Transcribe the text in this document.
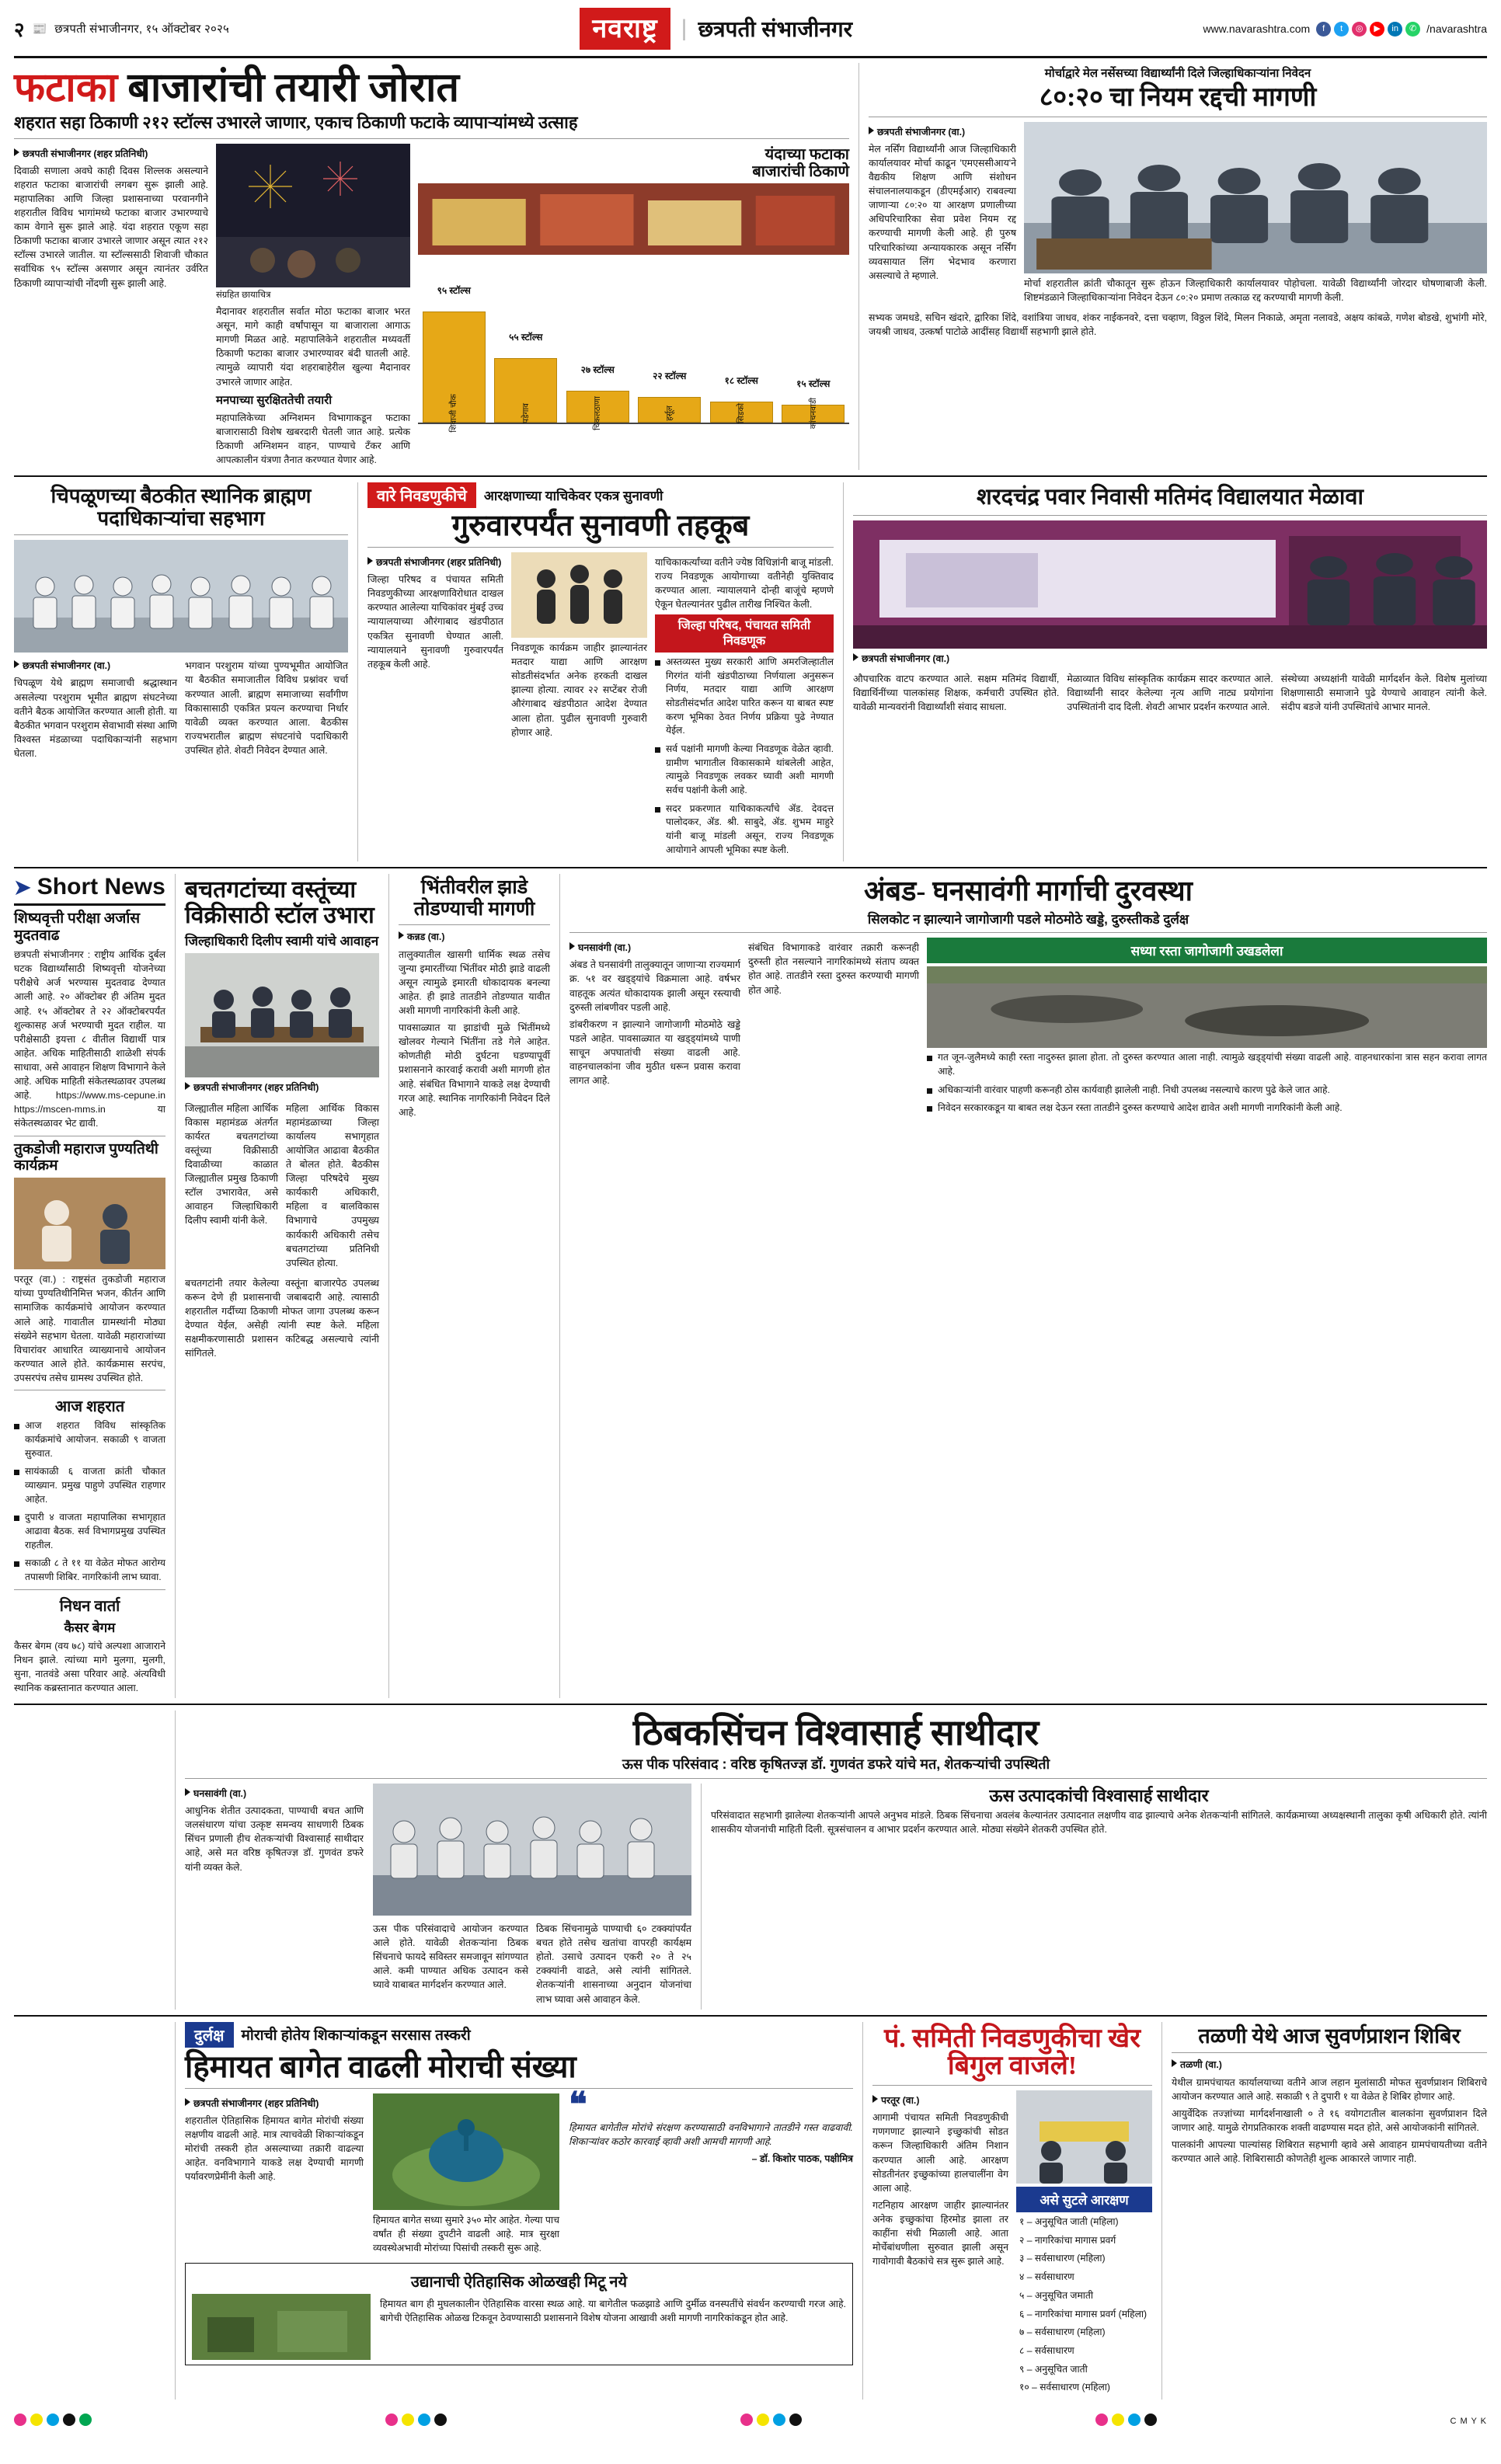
२ 📰 छत्रपती संभाजीनगर, १५ ऑक्टोबर २०२५	नवराष्ट्र	| छत्रपती संभाजीनगर	www.navarashtra.com	f	t	◎	▶	in	✆ /navarashtra
फटाका बाजारांची तयारी जोरात
शहरात सहा ठिकाणी २१२ स्टॉल्स उभारले जाणार, एकाच ठिकाणी फटाके व्यापाऱ्यांमध्ये उत्साह

छत्रपती संभाजीनगर (शहर प्रतिनिधी)

दिवाळी सणाला अवघे काही दिवस शिल्लक असल्याने शहरात फटाका बाजारांची लगबग सुरू झाली आहे. महापालिका आणि जिल्हा प्रशासनाच्या परवानगीने शहरातील विविध भागांमध्ये फटाका बाजार उभारण्याचे काम वेगाने सुरू झाले आहे. यंदा शहरात एकूण सहा ठिकाणी फटाका बाजार उभारले जाणार असून त्यात २१२ स्टॉल्स उभारले जातील. या स्टॉल्ससाठी शिवाजी चौकात सर्वाधिक ९५ स्टॉल्स असणार असून त्यानंतर उर्वरित ठिकाणी व्यापाऱ्यांची नोंदणी सुरू झाली आहे.

संग्रहित छायाचित्र

मैदानावर शहरातील सर्वात मोठा फटाका बाजार भरत असून, मागे काही वर्षांपासून या बाजाराला आगाऊ मागणी मिळत आहे. महापालिकेने शहरातील मध्यवर्ती ठिकाणी फटाका बाजार उभारण्यावर बंदी घातली आहे. त्यामुळे व्यापारी यंदा शहराबाहेरील खुल्या मैदानावर उभारले जाणार आहेत.

मनपाच्या सुरक्षिततेची तयारी

महापालिकेच्या अग्निशमन विभागाकडून फटाका बाजारासाठी विशेष खबरदारी घेतली जात आहे. प्रत्येक ठिकाणी अग्निशमन वाहन, पाण्याचे टँकर आणि आपत्कालीन यंत्रणा तैनात करण्यात येणार आहे.

यंदाच्या फटाका
बाजारांची ठिकाणे
९५ स्टॉल्स
शिवाजी चौक
५५ स्टॉल्स
पडेगाव
२७ स्टॉल्स
चिकलठाणा
२२ स्टॉल्स
हर्सूल
१८ स्टॉल्स
सिडको
१५ स्टॉल्स
कांचनवाडी
मोर्चाद्वारे मेल नर्सेसच्या विद्यार्थ्यांनी दिले जिल्हाधिकाऱ्यांना निवेदन
८०:२० चा नियम रद्दची मागणी

छत्रपती संभाजीनगर (वा.)

मेल नर्सिंग विद्यार्थ्यांनी आज जिल्हाधिकारी कार्यालयावर मोर्चा काढून 'एमएससीआय'ने वैद्यकीय शिक्षण आणि संशोधन संचालनालयाकडून (डीएमईआर) राबवल्या जाणाऱ्या ८०:२० या आरक्षण प्रणालीच्या अधिपरिचारिका सेवा प्रवेश नियम रद्द करण्याची मागणी केली आहे. ही पुरुष परिचारिकांच्या अन्यायकारक असून नर्सिंग व्यवसायात लिंग भेदभाव करणारा असल्याचे ते म्हणाले.

मोर्चा शहरातील क्रांती चौकातून सुरू होऊन जिल्हाधिकारी कार्यालयावर पोहोचला. यावेळी विद्यार्थ्यांनी जोरदार घोषणाबाजी केली. शिष्टमंडळाने जिल्हाधिकाऱ्यांना निवेदन देऊन ८०:२० प्रमाण तत्काळ रद्द करण्याची मागणी केली.

सभ्यक जमधडे, सचिन खंदारे, द्वारिका शिंदे, वशांत्रिया जाधव, शंकर नाईकनवरे, दत्ता चव्हाण, विठ्ठल शिंदे, मिलन निकाळे, अमृता नलावडे, अक्षय कांबळे, गणेश बोडखे, शुभांगी मोरे, जयश्री जाधव, उत्कर्षा पाटोळे आदींसह विद्यार्थी सहभागी झाले होते.

चिपळूणच्या बैठकीत स्थानिक ब्राह्मण पदाधिकाऱ्यांचा सहभाग

छत्रपती संभाजीनगर (वा.)

चिपळूण येथे ब्राह्मण समाजाची श्रद्धास्थान असलेल्या परशुराम भूमीत ब्राह्मण संघटनेच्या वतीने बैठक आयोजित करण्यात आली होती. या बैठकीत भगवान परशुराम सेवाभावी संस्था आणि विश्वस्त मंडळाच्या पदाधिकाऱ्यांनी सहभाग घेतला.

भगवान परशुराम यांच्या पुण्यभूमीत आयोजित या बैठकीत समाजातील विविध प्रश्नांवर चर्चा करण्यात आली. ब्राह्मण समाजाच्या सर्वांगीण विकासासाठी एकत्रित प्रयत्न करण्याचा निर्धार यावेळी व्यक्त करण्यात आला. बैठकीस राज्यभरातील ब्राह्मण संघटनांचे पदाधिकारी उपस्थित होते. शेवटी निवेदन देण्यात आले.

वारे निवडणुकीचे	आरक्षणाच्या याचिकेवर एकत्र सुनावणी
गुरुवारपर्यंत सुनावणी तहकूब

छत्रपती संभाजीनगर (शहर प्रतिनिधी)

जिल्हा परिषद व पंचायत समिती निवडणुकीच्या आरक्षणाविरोधात दाखल करण्यात आलेल्या याचिकांवर मुंबई उच्च न्यायालयाच्या औरंगाबाद खंडपीठात एकत्रित सुनावणी घेण्यात आली. न्यायालयाने सुनावणी गुरुवारपर्यंत तहकूब केली आहे.

निवडणूक कार्यक्रम जाहीर झाल्यानंतर मतदार याद्या आणि आरक्षण सोडतीसंदर्भात अनेक हरकती दाखल झाल्या होत्या. त्यावर २२ सप्टेंबर रोजी औरंगाबाद खंडपीठात आदेश देण्यात आला होता. पुढील सुनावणी गुरुवारी होणार आहे.

याचिकाकर्त्यांच्या वतीने ज्येष्ठ विधिज्ञांनी बाजू मांडली. राज्य निवडणूक आयोगाच्या वतीनेही युक्तिवाद करण्यात आला. न्यायालयाने दोन्ही बाजूंचे म्हणणे ऐकून घेतल्यानंतर पुढील तारीख निश्चित केली.

जिल्हा परिषद, पंचायत समिती निवडणूक
अस्तव्यस्त मुख्य सरकारी आणि अमरजिल्हातील गिरगंत यांनी खंडपीठाच्या निर्णयाला अनुसरून निर्णय, मतदार याद्या आणि आरक्षण सोडतीसंदर्भात आदेश पारित करून या बाबत स्पष्ट करण भूमिका ठेवत निर्णय प्रक्रिया पुढे नेण्यात येईल.
सर्व पक्षांनी मागणी केल्या निवडणूक वेळेत व्हावी. ग्रामीण भागातील विकासकामे थांबलेली आहेत, त्यामुळे निवडणूक लवकर घ्यावी अशी मागणी सर्वच पक्षांनी केली आहे.
सदर प्रकरणात याचिकाकर्त्यांचे ॲड. देवदत्त पालोदकर, ॲड. श्री. साबुदे, ॲड. शुभम माहुरे यांनी बाजू मांडली असून, राज्य निवडणूक आयोगाने आपली भूमिका स्पष्ट केली.
शरदचंद्र पवार निवासी मतिमंद विद्यालयात मेळावा

छत्रपती संभाजीनगर (वा.)

औपचारिक वाटप करण्यात आले. सक्षम मतिमंद विद्यार्थी, विद्यार्थिनींच्या पालकांसह शिक्षक, कर्मचारी उपस्थित होते. यावेळी मान्यवरांनी विद्यार्थ्यांशी संवाद साधला.

मेळाव्यात विविध सांस्कृतिक कार्यक्रम सादर करण्यात आले. विद्यार्थ्यांनी सादर केलेल्या नृत्य आणि नाट्य प्रयोगांना उपस्थितांनी दाद दिली. शेवटी आभार प्रदर्शन करण्यात आले.

संस्थेच्या अध्यक्षांनी यावेळी मार्गदर्शन केले. विशेष मुलांच्या शिक्षणासाठी समाजाने पुढे येण्याचे आवाहन त्यांनी केले. संदीप बडजे यांनी उपस्थितांचे आभार मानले.

➤ Short News
शिष्यवृत्ती परीक्षा अर्जास मुदतवाढ

छत्रपती संभाजीनगर : राष्ट्रीय आर्थिक दुर्बल घटक विद्यार्थ्यांसाठी शिष्यवृत्ती योजनेच्या परीक्षेचे अर्ज भरण्यास मुदतवाढ देण्यात आली आहे. २० ऑक्टोबर ही अंतिम मुदत आहे. १५ ऑक्टोबर ते २२ ऑक्टोबरपर्यंत शुल्कासह अर्ज भरण्याची मुदत राहील. या परीक्षेसाठी इयत्ता ८ वीतील विद्यार्थी पात्र आहेत. अधिक माहितीसाठी शाळेशी संपर्क साधावा, असे आवाहन शिक्षण विभागाने केले आहे. अधिक माहिती संकेतस्थळावर उपलब्ध आहे. https://www.ms-cepune.in https://mscen-mms.in या संकेतस्थळावर भेट द्यावी.

तुकडोजी महाराज पुण्यतिथी कार्यक्रम

परतूर (वा.) : राष्ट्रसंत तुकडोजी महाराज यांच्या पुण्यतिथीनिमित्त भजन, कीर्तन आणि सामाजिक कार्यक्रमांचे आयोजन करण्यात आले आहे. गावातील ग्रामस्थांनी मोठ्या संख्येने सहभाग घेतला. यावेळी महाराजांच्या विचारांवर आधारित व्याख्यानाचे आयोजन करण्यात आले होते. कार्यक्रमास सरपंच, उपसरपंच तसेच ग्रामस्थ उपस्थित होते.

आज शहरात
आज शहरात विविध सांस्कृतिक कार्यक्रमांचे आयोजन. सकाळी ९ वाजता सुरुवात.
सायंकाळी ६ वाजता क्रांती चौकात व्याख्यान. प्रमुख पाहुणे उपस्थित राहणार आहेत.
दुपारी ४ वाजता महापालिका सभागृहात आढावा बैठक. सर्व विभागप्रमुख उपस्थित राहतील.
सकाळी ८ ते ११ या वेळेत मोफत आरोग्य तपासणी शिबिर. नागरिकांनी लाभ घ्यावा.
निधन वार्ता
कैसर बेगम

कैसर बेगम (वय ७८) यांचे अल्पशा आजाराने निधन झाले. त्यांच्या मागे मुलगा, मुलगी, सुना, नातवंडे असा परिवार आहे. अंत्यविधी स्थानिक कब्रस्तानात करण्यात आला.

बचतगटांच्या वस्तूंच्या विक्रीसाठी स्टॉल उभारा
जिल्हाधिकारी दिलीप स्वामी यांचे आवाहन

छत्रपती संभाजीनगर (शहर प्रतिनिधी)

जिल्ह्यातील महिला आर्थिक विकास महामंडळ अंतर्गत कार्यरत बचतगटांच्या वस्तूंच्या विक्रीसाठी दिवाळीच्या काळात जिल्ह्यातील प्रमुख ठिकाणी स्टॉल उभारावेत, असे आवाहन जिल्हाधिकारी दिलीप स्वामी यांनी केले.

महिला आर्थिक विकास महामंडळाच्या जिल्हा कार्यालय सभागृहात आयोजित आढावा बैठकीत ते बोलत होते. बैठकीस जिल्हा परिषदेचे मुख्य कार्यकारी अधिकारी, महिला व बालविकास विभागाचे उपमुख्य कार्यकारी अधिकारी तसेच बचतगटांच्या प्रतिनिधी उपस्थित होत्या.

बचतगटांनी तयार केलेल्या वस्तूंना बाजारपेठ उपलब्ध करून देणे ही प्रशासनाची जबाबदारी आहे. त्यासाठी शहरातील गर्दीच्या ठिकाणी मोफत जागा उपलब्ध करून देण्यात येईल, असेही त्यांनी स्पष्ट केले. महिला सक्षमीकरणासाठी प्रशासन कटिबद्ध असल्याचे त्यांनी सांगितले.

भिंतीवरील झाडे तोडण्याची मागणी

कन्नड (वा.)

तालुक्यातील खासगी धार्मिक स्थळ तसेच जुन्या इमारतींच्या भिंतींवर मोठी झाडे वाढली असून त्यामुळे इमारती धोकादायक बनल्या आहेत. ही झाडे तातडीने तोडण्यात यावीत अशी मागणी नागरिकांनी केली आहे.

पावसाळ्यात या झाडांची मुळे भिंतींमध्ये खोलवर गेल्याने भिंतींना तडे गेले आहेत. कोणतीही मोठी दुर्घटना घडण्यापूर्वी प्रशासनाने कारवाई करावी अशी मागणी होत आहे. संबंधित विभागाने याकडे लक्ष देण्याची गरज आहे. स्थानिक नागरिकांनी निवेदन दिले आहे.

अंबड- घनसावंगी मार्गाची दुरवस्था
सिलकोट न झाल्याने जागोजागी पडले मोठमोठे खड्डे, दुरुस्तीकडे दुर्लक्ष

घनसावंगी (वा.)

अंबड ते घनसावंगी तालुक्यातून जाणाऱ्या राज्यमार्ग क्र. ५१ वर खड्ड्यांचे विक्रमाला आहे. वर्षभर वाहतूक अत्यंत धोकादायक झाली असून रस्त्याची दुरुस्ती लांबणीवर पडली आहे.

डांबरीकरण न झाल्याने जागोजागी मोठमोठे खड्डे पडले आहेत. पावसाळ्यात या खड्ड्यांमध्ये पाणी साचून अपघातांची संख्या वाढली आहे. वाहनचालकांना जीव मुठीत धरून प्रवास करावा लागत आहे.

संबंधित विभागाकडे वारंवार तक्रारी करूनही दुरुस्ती होत नसल्याने नागरिकांमध्ये संताप व्यक्त होत आहे. तातडीने रस्ता दुरुस्त करण्याची मागणी होत आहे.

सध्या रस्ता जागोजागी उखडलेला
गत जून-जुलैमध्ये काही रस्ता नादुरुस्त झाला होता. तो दुरुस्त करण्यात आला नाही. त्यामुळे खड्ड्यांची संख्या वाढली आहे. वाहनधारकांना त्रास सहन करावा लागत आहे.
अधिकाऱ्यांनी वारंवार पाहणी करूनही ठोस कार्यवाही झालेली नाही. निधी उपलब्ध नसल्याचे कारण पुढे केले जात आहे.
निवेदन सरकारकडून या बाबत लक्ष देऊन रस्ता तातडीने दुरुस्त करण्याचे आदेश द्यावेत अशी मागणी नागरिकांनी केली आहे.
ठिबकसिंचन विश्वासार्ह साथीदार
ऊस पीक परिसंवाद : वरिष्ठ कृषितज्ज्ञ डॉ. गुणवंत डफरे यांचे मत, शेतकऱ्यांची उपस्थिती

घनसावंगी (वा.)

आधुनिक शेतीत उत्पादकता, पाण्याची बचत आणि जलसंधारण यांचा उत्कृष्ट समन्वय साधणारी ठिबक सिंचन प्रणाली हीच शेतकऱ्यांची विश्वासार्ह साथीदार आहे, असे मत वरिष्ठ कृषितज्ज्ञ डॉ. गुणवंत डफरे यांनी व्यक्त केले.

ऊस पीक परिसंवादाचे आयोजन करण्यात आले होते. यावेळी शेतकऱ्यांना ठिबक सिंचनाचे फायदे सविस्तर समजावून सांगण्यात आले. कमी पाण्यात अधिक उत्पादन कसे घ्यावे याबाबत मार्गदर्शन करण्यात आले.

ठिबक सिंचनामुळे पाण्याची ६० टक्क्यांपर्यंत बचत होते तसेच खतांचा वापरही कार्यक्षम होतो. उसाचे उत्पादन एकरी २० ते २५ टक्क्यांनी वाढते, असे त्यांनी सांगितले. शेतकऱ्यांनी शासनाच्या अनुदान योजनांचा लाभ घ्यावा असे आवाहन केले.

ऊस उत्पादकांची विश्वासार्ह साथीदार

परिसंवादात सहभागी झालेल्या शेतकऱ्यांनी आपले अनुभव मांडले. ठिबक सिंचनाचा अवलंब केल्यानंतर उत्पादनात लक्षणीय वाढ झाल्याचे अनेक शेतकऱ्यांनी सांगितले. कार्यक्रमाच्या अध्यक्षस्थानी तालुका कृषी अधिकारी होते. त्यांनी शासकीय योजनांची माहिती दिली. सूत्रसंचालन व आभार प्रदर्शन करण्यात आले. मोठ्या संख्येने शेतकरी उपस्थित होते.

दुर्लक्ष	मोराची होतेय शिकाऱ्यांकडून सरसास तस्करी
हिमायत बागेत वाढली मोराची संख्या

छत्रपती संभाजीनगर (शहर प्रतिनिधी)

शहरातील ऐतिहासिक हिमायत बागेत मोरांची संख्या लक्षणीय वाढली आहे. मात्र त्याचवेळी शिकाऱ्यांकडून मोरांची तस्करी होत असल्याच्या तक्रारी वाढल्या आहेत. वनविभागाने याकडे लक्ष देण्याची मागणी पर्यावरणप्रेमींनी केली आहे.

हिमायत बागेत सध्या सुमारे ३५० मोर आहेत. गेल्या पाच वर्षांत ही संख्या दुपटीने वाढली आहे. मात्र सुरक्षा व्यवस्थेअभावी मोरांच्या पिसांची तस्करी सुरू आहे.

❝

हिमायत बागेतील मोरांचे संरक्षण करण्यासाठी वनविभागाने तातडीने गस्त वाढवावी. शिकाऱ्यांवर कठोर कारवाई व्हावी अशी आमची मागणी आहे.

– डॉ. किशोर पाठक, पक्षीमित्र

उद्यानाची ऐतिहासिक ओळखही मिटू नये

हिमायत बाग ही मुघलकालीन ऐतिहासिक वारसा स्थळ आहे. या बागेतील फळझाडे आणि दुर्मीळ वनस्पतींचे संवर्धन करण्याची गरज आहे. बागेची ऐतिहासिक ओळख टिकवून ठेवण्यासाठी प्रशासनाने विशेष योजना आखावी अशी मागणी नागरिकांकडून होत आहे.

पं. समिती निवडणुकीचा खेर बिगुल वाजले!

परतूर (वा.)

आगामी पंचायत समिती निवडणुकीची गणगणाट झाल्याने इच्छुकांची सोडत करून जिल्हाधिकारी अंतिम निशान करण्यात आली आहे. आरक्षण सोडतीनंतर इच्छुकांच्या हालचालींना वेग आला आहे.

गटनिहाय आरक्षण जाहीर झाल्यानंतर अनेक इच्छुकांचा हिरमोड झाला तर काहींना संधी मिळाली आहे. आता मोर्चेबांधणीला सुरुवात झाली असून गावोगावी बैठकांचे सत्र सुरू झाले आहे.

असे सुटले आरक्षण
१ – अनुसूचित जाती (महिला)
२ – नागरिकांचा मागास प्रवर्ग
३ – सर्वसाधारण (महिला)
४ – सर्वसाधारण
५ – अनुसूचित जमाती
६ – नागरिकांचा मागास प्रवर्ग (महिला)
७ – सर्वसाधारण (महिला)
८ – सर्वसाधारण
९ – अनुसूचित जाती
१० – सर्वसाधारण (महिला)
तळणी येथे आज सुवर्णप्राशन शिबिर

तळणी (वा.)

येथील ग्रामपंचायत कार्यालयाच्या वतीने आज लहान मुलांसाठी मोफत सुवर्णप्राशन शिबिराचे आयोजन करण्यात आले आहे. सकाळी ९ ते दुपारी १ या वेळेत हे शिबिर होणार आहे.

आयुर्वेदिक तज्ज्ञांच्या मार्गदर्शनाखाली ० ते १६ वयोगटातील बालकांना सुवर्णप्राशन दिले जाणार आहे. यामुळे रोगप्रतिकारक शक्ती वाढण्यास मदत होते, असे आयोजकांनी सांगितले.

पालकांनी आपल्या पाल्यांसह शिबिरात सहभागी व्हावे असे आवाहन ग्रामपंचायतीच्या वतीने करण्यात आले आहे. शिबिरासाठी कोणतेही शुल्क आकारले जाणार नाही.

C M Y K
